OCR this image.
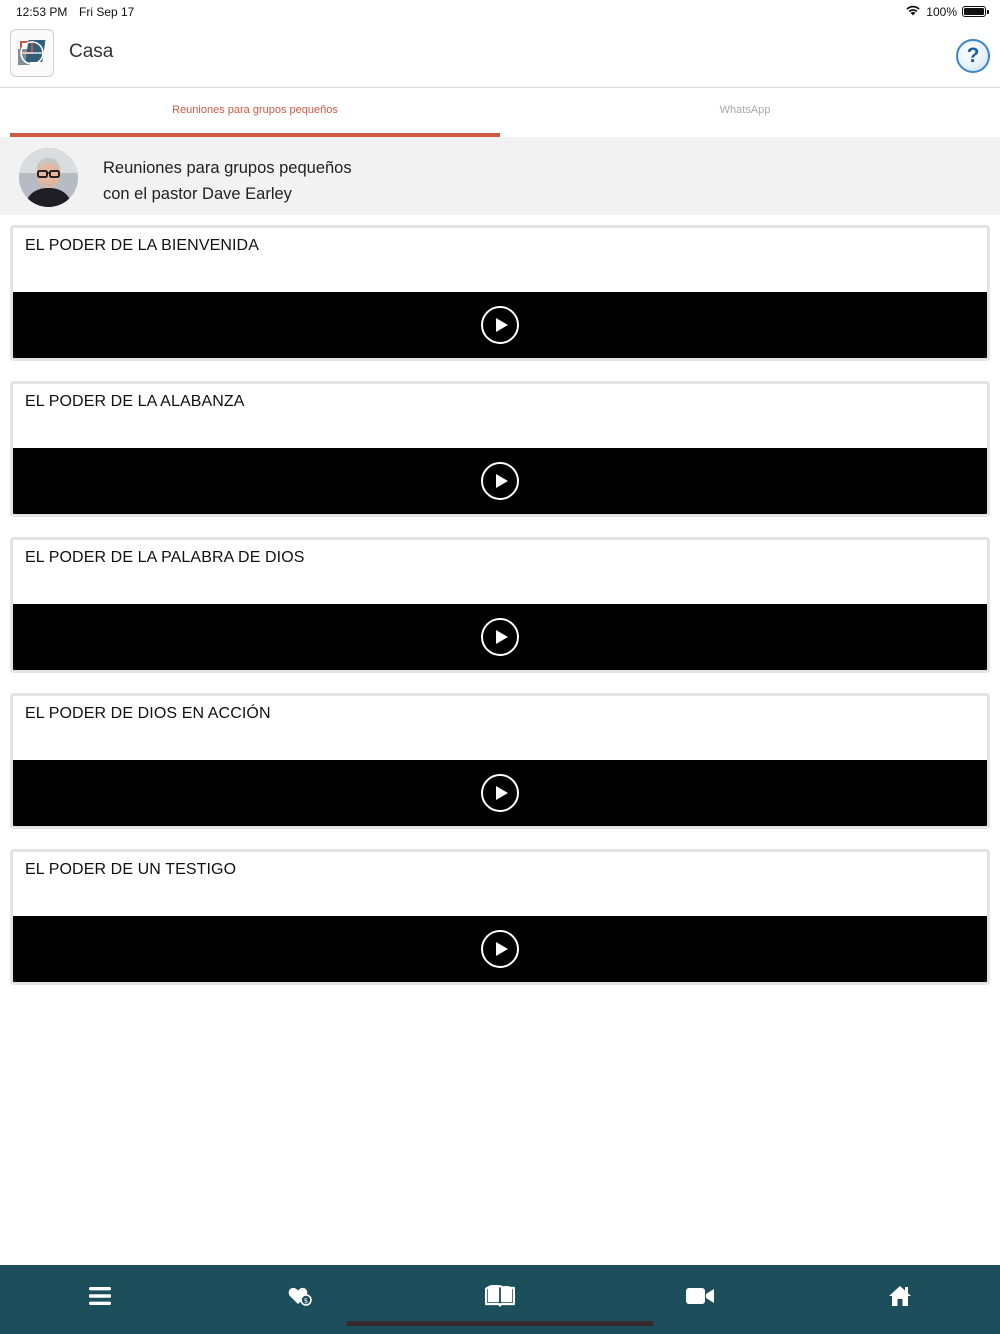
12:53 PM Fri Sep 17	100%
Casa	?
Reuniones para grupos pequeños	WhatsApp
Reuniones para grupos pequeños
con el pastor Dave Earley
EL PODER DE LA BIENVENIDA
EL PODER DE LA ALABANZA
EL PODER DE LA PALABRA DE DIOS
EL PODER DE DIOS EN ACCIÓN
EL PODER DE UN TESTIGO
$
